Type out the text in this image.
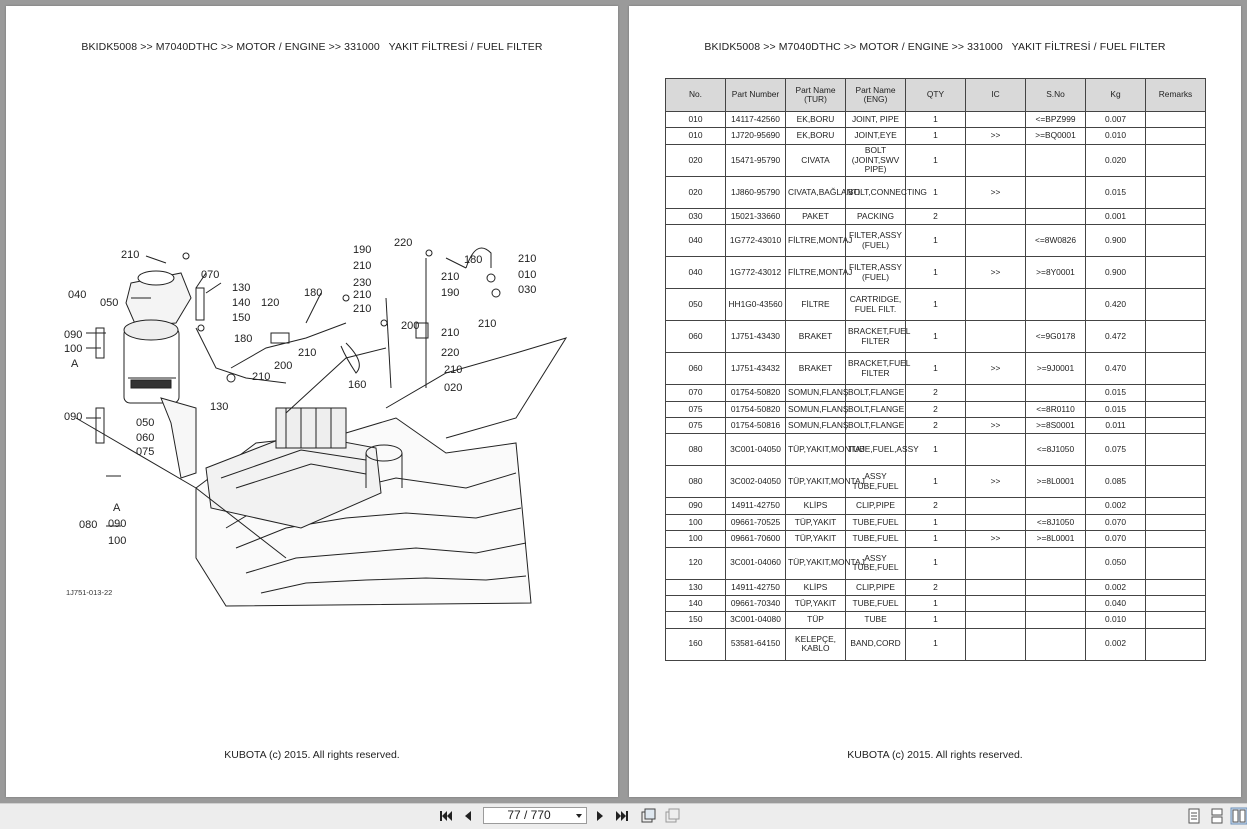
BKIDK5008 >> M7040DTHC >> MOTOR / ENGINE >> 331000   YAKIT FİLTRESİ / FUEL FILTER
210
070
130
140 120
150
040
050
180
090
100
A
180
200
210
210
130
160
090	050
060
075
A
080 090
100
190
210
230
210
210
220
210
190
200
210
220
210
020
180	210
010
030
210
1J751-013-22
KUBOTA (c) 2015. All rights reserved.
BKIDK5008 >> M7040DTHC >> MOTOR / ENGINE >> 331000   YAKIT FİLTRESİ / FUEL FILTER
No.	Part Number	Part Name (TUR)	Part Name (ENG)	QTY	IC	S.No	Kg	Remarks
010	14117-42560	EK,BORU	JOINT, PIPE	1		<=BPZ999	0.007	
010	1J720-95690	EK,BORU	JOINT,EYE	1	>>	>=BQ0001	0.010	
020	15471-95790	CIVATA	BOLT (JOINT,SWV PIPE)	1			0.020	
020	1J860-95790	CIVATA,BAĞLANTI	BOLT,CONNECTING	1	>>		0.015	
030	15021-33660	PAKET	PACKING	2			0.001	
040	1G772-43010	FİLTRE,MONTAJ	FILTER,ASSY (FUEL)	1		<=8W0826	0.900	
040	1G772-43012	FİLTRE,MONTAJ	FILTER,ASSY (FUEL)	1	>>	>=8Y0001	0.900	
050	HH1G0-43560	FİLTRE	CARTRIDGE, FUEL FILT.	1			0.420	
060	1J751-43430	BRAKET	BRACKET,FUEL FILTER	1		<=9G0178	0.472	
060	1J751-43432	BRAKET	BRACKET,FUEL FILTER	1	>>	>=9J0001	0.470	
070	01754-50820	SOMUN,FLANŞ	BOLT,FLANGE	2			0.015	
075	01754-50820	SOMUN,FLANŞ	BOLT,FLANGE	2		<=8R0110	0.015	
075	01754-50816	SOMUN,FLANŞ	BOLT,FLANGE	2	>>	>=8S0001	0.011	
080	3C001-04050	TÜP,YAKIT,MONTAJ	TUBE,FUEL,ASSY	1		<=8J1050	0.075	
080	3C002-04050	TÜP,YAKIT,MONTAJ	ASSY TUBE,FUEL	1	>>	>=8L0001	0.085	
090	14911-42750	KLİPS	CLIP,PIPE	2			0.002	
100	09661-70525	TÜP,YAKIT	TUBE,FUEL	1		<=8J1050	0.070	
100	09661-70600	TÜP,YAKIT	TUBE,FUEL	1	>>	>=8L0001	0.070	
120	3C001-04060	TÜP,YAKIT,MONTAJ	ASSY TUBE,FUEL	1			0.050	
130	14911-42750	KLİPS	CLIP,PIPE	2			0.002	
140	09661-70340	TÜP,YAKIT	TUBE,FUEL	1			0.040	
150	3C001-04080	TÜP	TUBE	1			0.010	
160	53581-64150	KELEPÇE, KABLO	BAND,CORD	1			0.002	
KUBOTA (c) 2015. All rights reserved.
77 / 770
